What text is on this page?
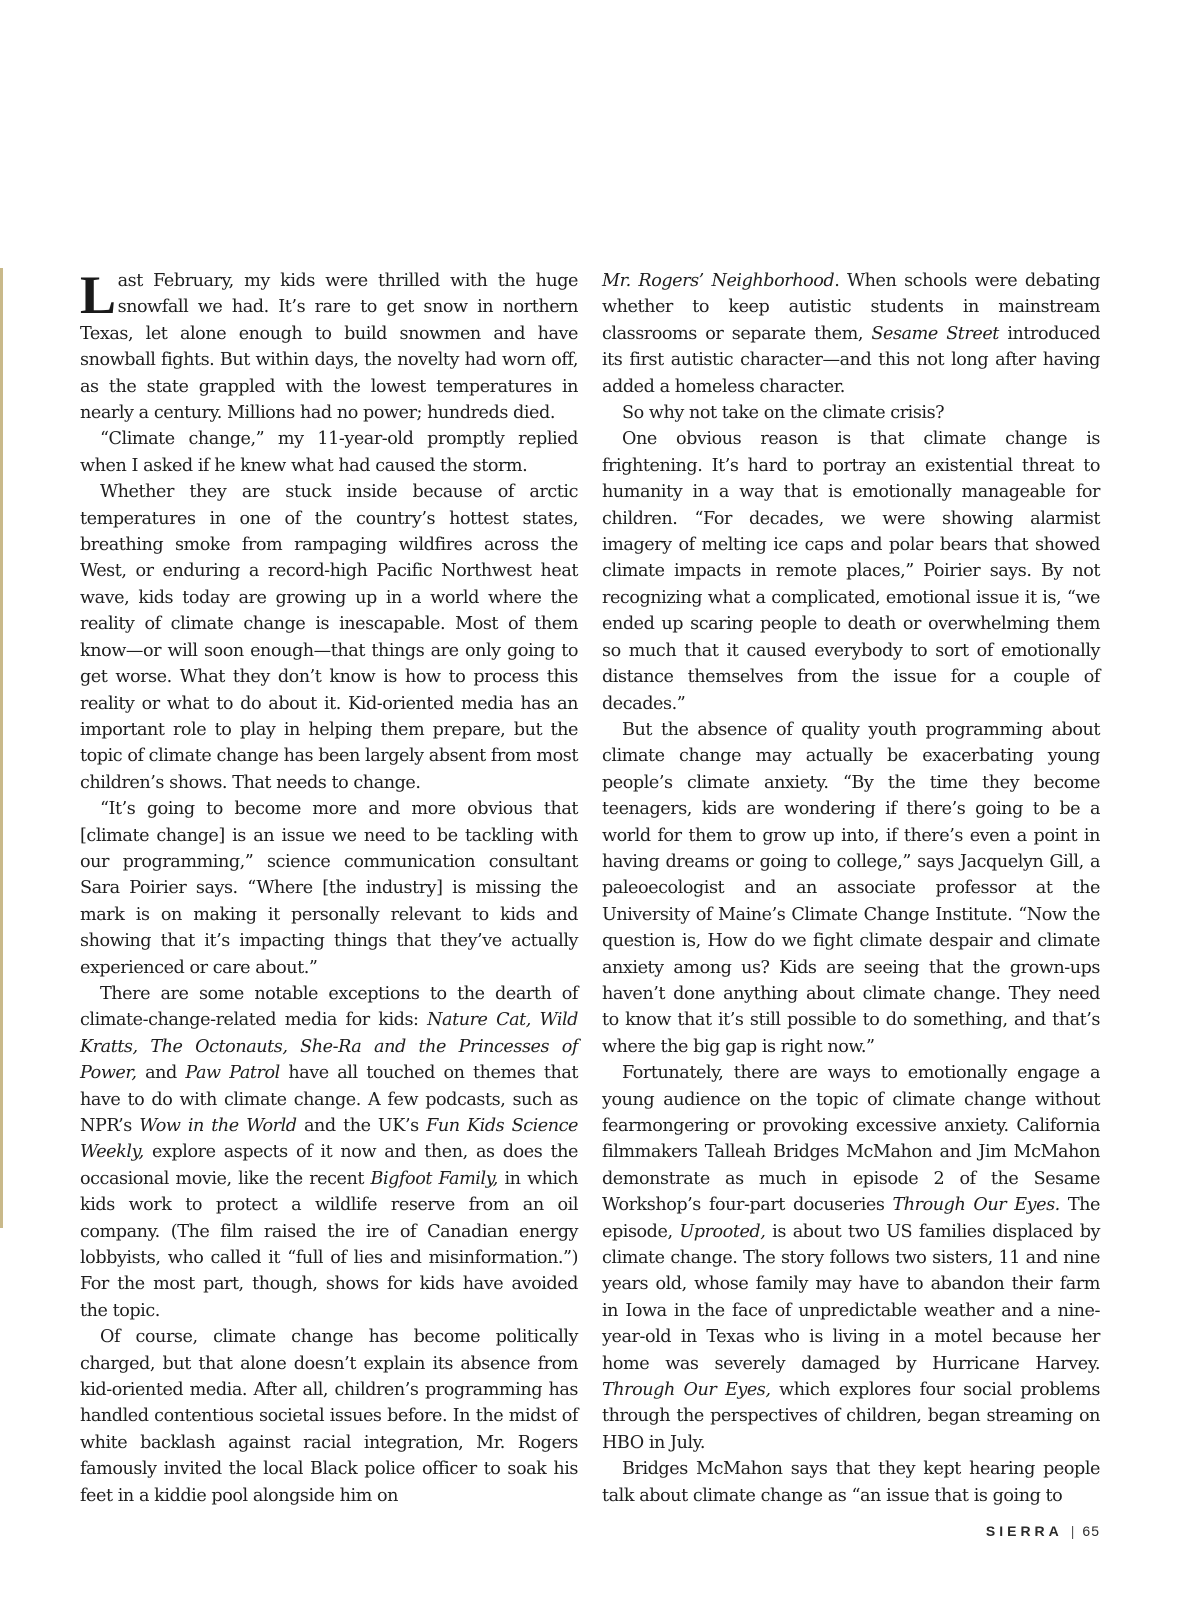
Last February, my kids were thrilled with the huge snowfall we had. It’s rare to get snow in northern Texas, let alone enough to build snowmen and have snowball fights. But within days, the novelty had worn off, as the state grappled with the lowest temperatures in nearly a century. Millions had no power; hundreds died.

“Climate change,” my 11-year-old promptly replied when I asked if he knew what had caused the storm.

Whether they are stuck inside because of arctic temperatures in one of the country’s hottest states, breathing smoke from rampaging wildfires across the West, or enduring a record-high Pacific Northwest heat wave, kids today are growing up in a world where the reality of climate change is inescapable. Most of them know—or will soon enough—that things are only going to get worse. What they don’t know is how to process this reality or what to do about it. Kid-oriented media has an important role to play in helping them prepare, but the topic of climate change has been largely absent from most children’s shows. That needs to change.

“It’s going to become more and more obvious that [climate change] is an issue we need to be tackling with our programming,” science communication consultant Sara Poirier says. “Where [the industry] is missing the mark is on making it personally relevant to kids and showing that it’s impacting things that they’ve actually experienced or care about.”

There are some notable exceptions to the dearth of climate-change-related media for kids: Nature Cat, Wild Kratts, The Octonauts, She-Ra and the Princesses of Power, and Paw Patrol have all touched on themes that have to do with climate change. A few podcasts, such as NPR’s Wow in the World and the UK’s Fun Kids Science Weekly, explore aspects of it now and then, as does the occasional movie, like the recent Bigfoot Family, in which kids work to protect a wildlife reserve from an oil company. (The film raised the ire of Canadian energy lobbyists, who called it “full of lies and misinformation.”) For the most part, though, shows for kids have avoided the topic.

Of course, climate change has become politically charged, but that alone doesn’t explain its absence from kid-oriented media. After all, children’s programming has handled contentious societal issues before. In the midst of white backlash against racial integration, Mr. Rogers famously invited the local Black police officer to soak his feet in a kiddie pool alongside him on

Mr. Rogers’ Neighborhood. When schools were debating whether to keep autistic students in mainstream classrooms or separate them, Sesame Street introduced its first autistic character—and this not long after having added a homeless character.

So why not take on the climate crisis?

One obvious reason is that climate change is frightening. It’s hard to portray an existential threat to humanity in a way that is emotionally manageable for children. “For decades, we were showing alarmist imagery of melting ice caps and polar bears that showed climate impacts in remote places,” Poirier says. By not recognizing what a complicated, emotional issue it is, “we ended up scaring people to death or overwhelming them so much that it caused everybody to sort of emotionally distance themselves from the issue for a couple of decades.”

But the absence of quality youth programming about climate change may actually be exacerbating young people’s climate anxiety. “By the time they become teenagers, kids are wondering if there’s going to be a world for them to grow up into, if there’s even a point in having dreams or going to college,” says Jacquelyn Gill, a paleoecologist and an associate professor at the University of Maine’s Climate Change Institute. “Now the question is, How do we fight climate despair and climate anxiety among us? Kids are seeing that the grown-ups haven’t done anything about climate change. They need to know that it’s still possible to do something, and that’s where the big gap is right now.”

Fortunately, there are ways to emotionally engage a young audience on the topic of climate change without fearmongering or provoking excessive anxiety. California filmmakers Talleah Bridges McMahon and Jim McMahon demonstrate as much in episode 2 of the Sesame Workshop’s four-part docuseries Through Our Eyes. The episode, Uprooted, is about two US families displaced by climate change. The story follows two sisters, 11 and nine years old, whose family may have to abandon their farm in Iowa in the face of unpredictable weather and a nine-year-old in Texas who is living in a motel because her home was severely damaged by Hurricane Harvey. Through Our Eyes, which explores four social problems through the perspectives of children, began streaming on HBO in July.

Bridges McMahon says that they kept hearing people talk about climate change as “an issue that is going to

SIERRA | 65
